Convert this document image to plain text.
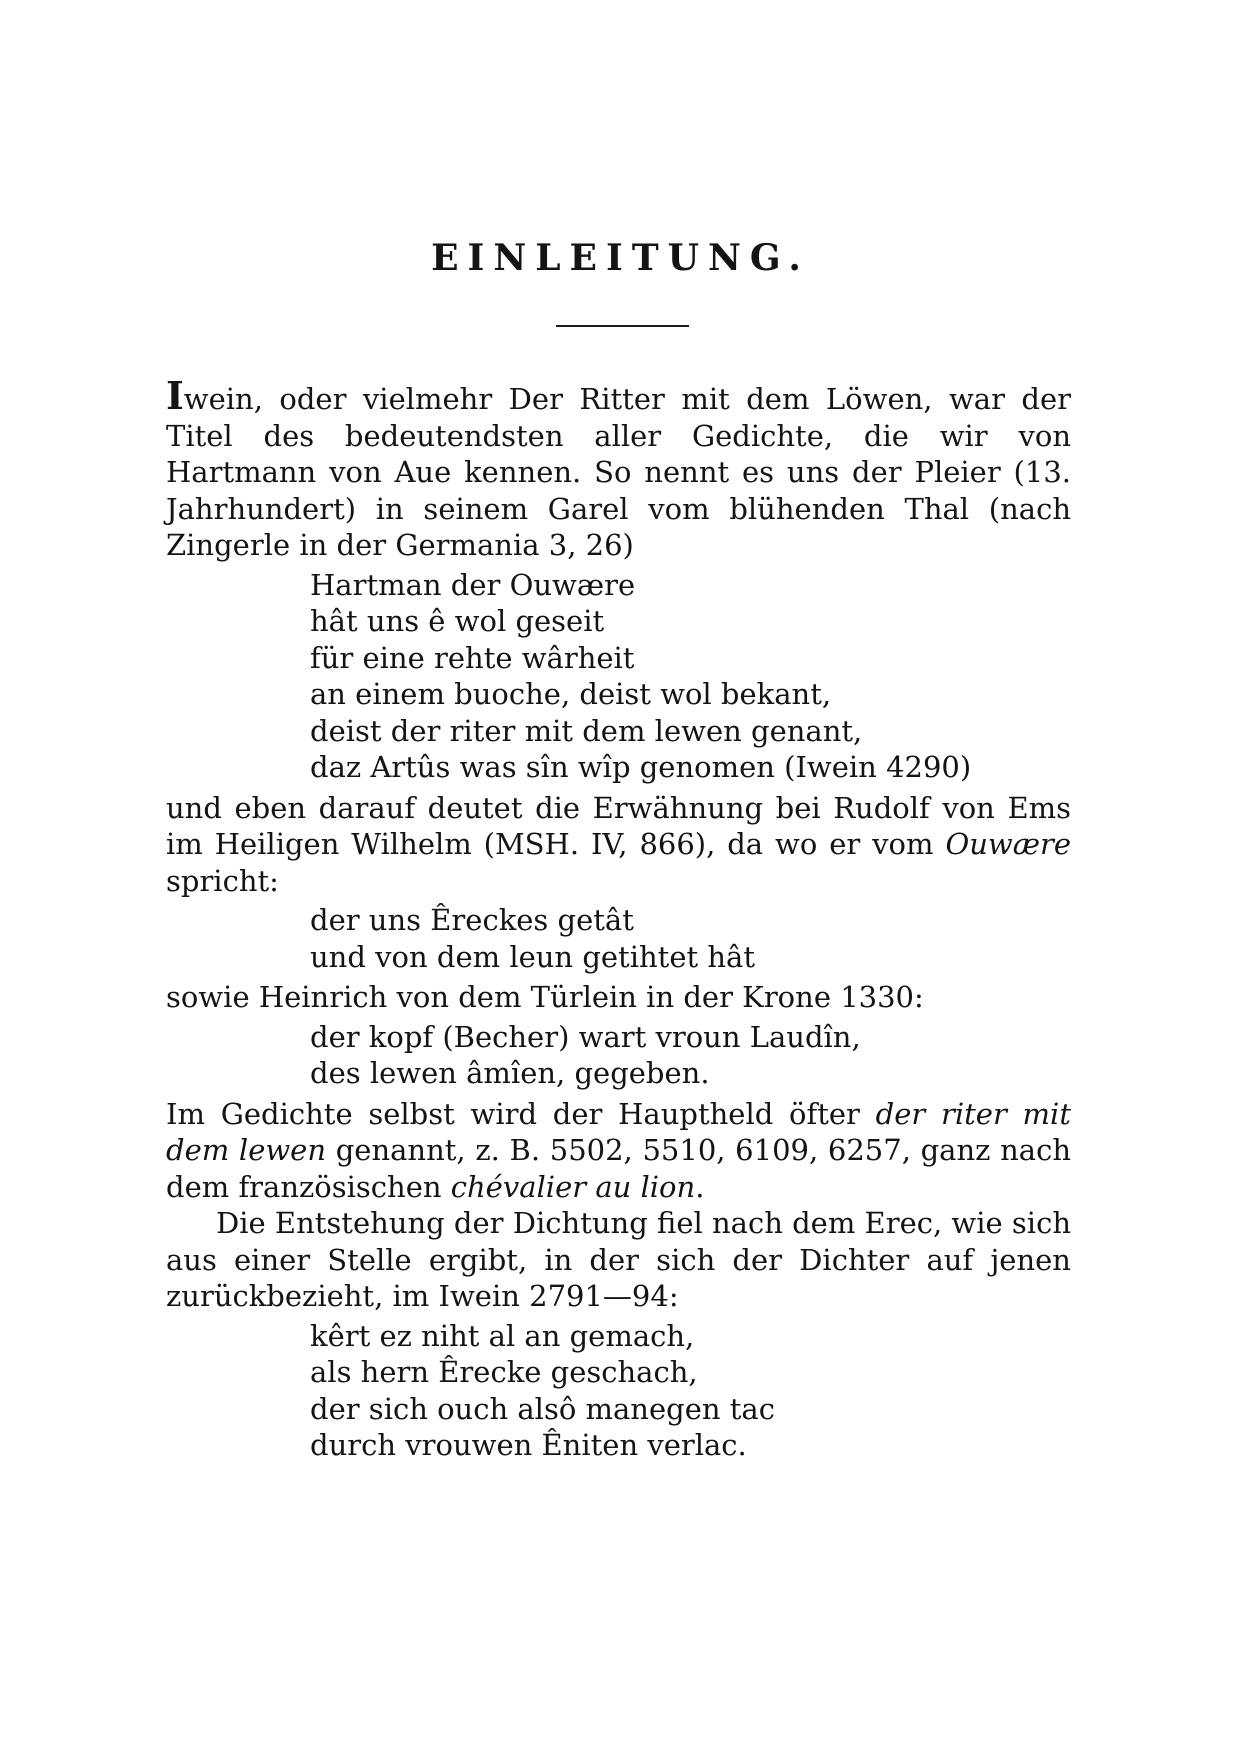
EINLEITUNG.

Iwein, oder vielmehr Der Ritter mit dem Löwen, war der Titel des bedeutendsten aller Gedichte, die wir von Hartmann von Aue kennen. So nennt es uns der Pleier (13. Jahrhundert) in seinem Garel vom blühenden Thal (nach Zingerle in der Germania 3, 26)

Hartman der Ouwære
hât uns ê wol geseit
für eine rehte wârheit
an einem buoche, deist wol bekant,
deist der riter mit dem lewen genant,
daz Artûs was sîn wîp genomen (Iwein 4290)

und eben darauf deutet die Erwähnung bei Rudolf von Ems im Heiligen Wilhelm (MSH. IV, 866), da wo er vom Ouwære spricht:

der uns Êreckes getât
und von dem leun getihtet hât

sowie Heinrich von dem Türlein in der Krone 1330:

der kopf (Becher) wart vroun Laudîn,
des lewen âmîen, gegeben.

Im Gedichte selbst wird der Hauptheld öfter der riter mit dem lewen genannt, z. B. 5502, 5510, 6109, 6257, ganz nach dem französischen chévalier au lion.

Die Entstehung der Dichtung fiel nach dem Erec, wie sich aus einer Stelle ergibt, in der sich der Dichter auf jenen zurückbezieht, im Iwein 2791—94:

kêrt ez niht al an gemach,
als hern Êrecke geschach,
der sich ouch alsô manegen tac
durch vrouwen Êniten verlac.
